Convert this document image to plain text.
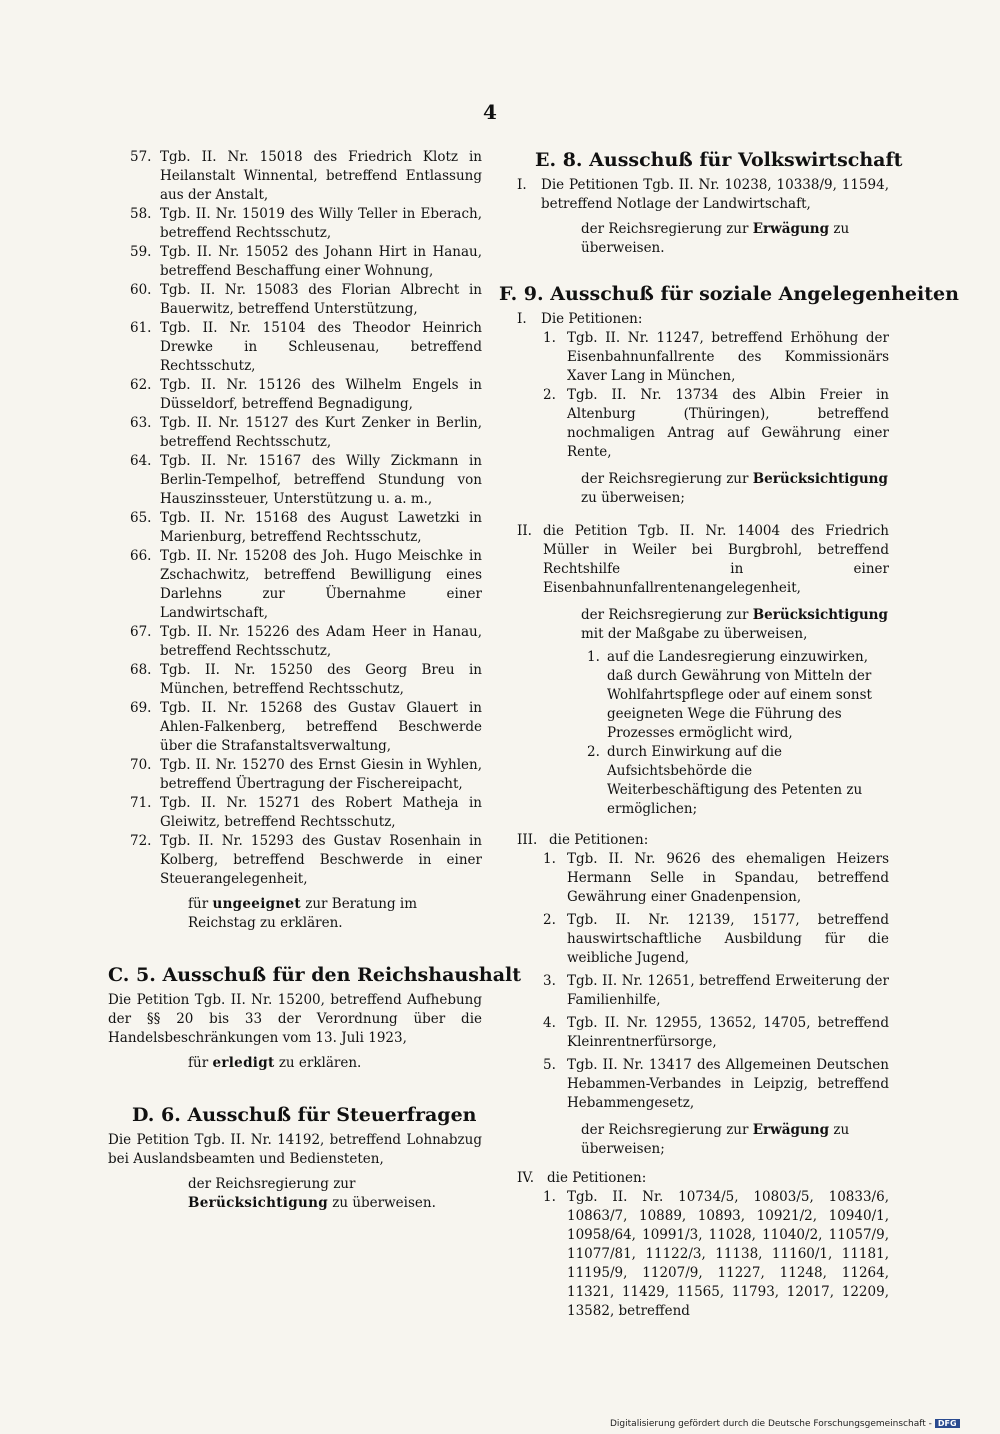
4
57. Tgb. II. Nr. 15018 des Friedrich Klotz in Heilanstalt Winnental, betreffend Entlassung aus der Anstalt,
58. Tgb. II. Nr. 15019 des Willy Teller in Eberach, betreffend Rechtsschutz,
59. Tgb. II. Nr. 15052 des Johann Hirt in Hanau, betreffend Beschaffung einer Wohnung,
60. Tgb. II. Nr. 15083 des Florian Albrecht in Bauerwitz, betreffend Unterstützung,
61. Tgb. II. Nr. 15104 des Theodor Heinrich Drewke in Schleusenau, betreffend Rechtsschutz,
62. Tgb. II. Nr. 15126 des Wilhelm Engels in Düsseldorf, betreffend Begnadigung,
63. Tgb. II. Nr. 15127 des Kurt Zenker in Berlin, betreffend Rechtsschutz,
64. Tgb. II. Nr. 15167 des Willy Zickmann in Berlin-Tempelhof, betreffend Stundung von Hauszinssteuer, Unterstützung u. a. m.,
65. Tgb. II. Nr. 15168 des August Lawetzki in Marienburg, betreffend Rechtsschutz,
66. Tgb. II. Nr. 15208 des Joh. Hugo Meischke in Zschachwitz, betreffend Bewilligung eines Darlehns zur Übernahme einer Landwirtschaft,
67. Tgb. II. Nr. 15226 des Adam Heer in Hanau, betreffend Rechtsschutz,
68. Tgb. II. Nr. 15250 des Georg Breu in München, betreffend Rechtsschutz,
69. Tgb. II. Nr. 15268 des Gustav Glauert in Ahlen-Falkenberg, betreffend Beschwerde über die Strafanstaltsverwaltung,
70. Tgb. II. Nr. 15270 des Ernst Giesin in Wyhlen, betreffend Übertragung der Fischereipacht,
71. Tgb. II. Nr. 15271 des Robert Matheja in Gleiwitz, betreffend Rechtsschutz,
72. Tgb. II. Nr. 15293 des Gustav Rosenhain in Kolberg, betreffend Beschwerde in einer Steuerangelegenheit,
für ungeeignet zur Beratung im Reichstag zu erklären.
C. 5. Ausschuß für den Reichshaushalt
Die Petition Tgb. II. Nr. 15200, betreffend Aufhebung der §§ 20 bis 33 der Verordnung über die Handelsbeschränkungen vom 13. Juli 1923,
für erledigt zu erklären.
D. 6. Ausschuß für Steuerfragen
Die Petition Tgb. II. Nr. 14192, betreffend Lohnabzug bei Auslandsbeamten und Bediensteten,
der Reichsregierung zur Berücksichtigung zu überweisen.
E. 8. Ausschuß für Volkswirtschaft
I. Die Petitionen Tgb. II. Nr. 10238, 10338/9, 11594, betreffend Notlage der Landwirtschaft,
der Reichsregierung zur Erwägung zu überweisen.
F. 9. Ausschuß für soziale Angelegenheiten
I. Die Petitionen:
1. Tgb. II. Nr. 11247, betreffend Erhöhung der Eisenbahnunfallrente des Kommissionärs Xaver Lang in München,
2. Tgb. II. Nr. 13734 des Albin Freier in Altenburg (Thüringen), betreffend nochmaligen Antrag auf Gewährung einer Rente,
der Reichsregierung zur Berücksichtigung zu überweisen;
II. die Petition Tgb. II. Nr. 14004 des Friedrich Müller in Weiler bei Burgbrohl, betreffend Rechtshilfe in einer Eisenbahnunfallrentenangelegenheit,
der Reichsregierung zur Berücksichtigung mit der Maßgabe zu überweisen,
1. auf die Landesregierung einzuwirken, daß durch Gewährung von Mitteln der Wohlfahrtspflege oder auf einem sonst geeigneten Wege die Führung des Prozesses ermöglicht wird,
2. durch Einwirkung auf die Aufsichtsbehörde die Weiterbeschäftigung des Petenten zu ermöglichen;
III. die Petitionen:
1. Tgb. II. Nr. 9626 des ehemaligen Heizers Hermann Selle in Spandau, betreffend Gewährung einer Gnadenpension,
2. Tgb. II. Nr. 12139, 15177, betreffend hauswirtschaftliche Ausbildung für die weibliche Jugend,
3. Tgb. II. Nr. 12651, betreffend Erweiterung der Familienhilfe,
4. Tgb. II. Nr. 12955, 13652, 14705, betreffend Kleinrentnerfürsorge,
5. Tgb. II. Nr. 13417 des Allgemeinen Deutschen Hebammen-Verbandes in Leipzig, betreffend Hebammengesetz,
der Reichsregierung zur Erwägung zu überweisen;
IV. die Petitionen:
1. Tgb. II. Nr. 10734/5, 10803/5, 10833/6, 10863/7, 10889, 10893, 10921/2, 10940/1, 10958/64, 10991/3, 11028, 11040/2, 11057/9, 11077/81, 11122/3, 11138, 11160/1, 11181, 11195/9, 11207/9, 11227, 11248, 11264, 11321, 11429, 11565, 11793, 12017, 12209, 13582, betreffend
Digitalisierung gefördert durch die Deutsche Forschungsgemeinschaft - DFG
